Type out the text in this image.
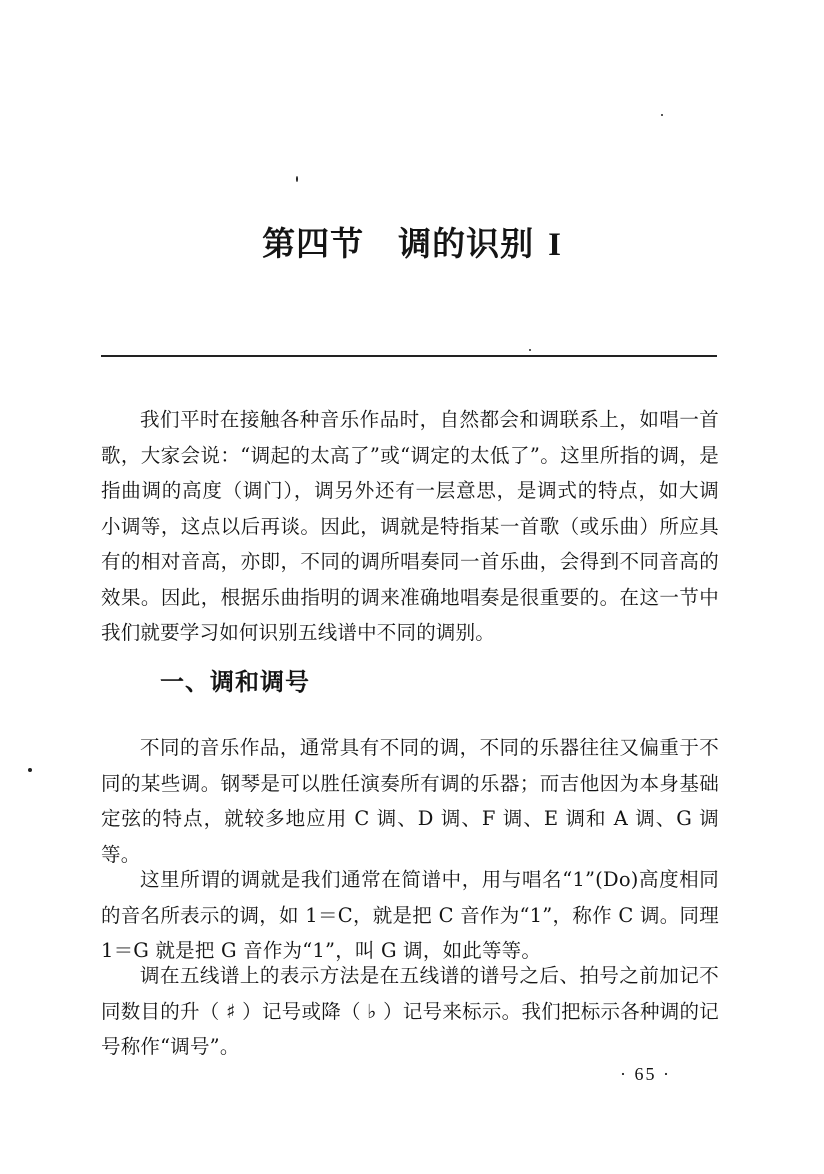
第四节 调的识别 I

我们平时在接触各种音乐作品时，自然都会和调联系上，如唱一首歌，大家会说：“调起的太高了”或“调定的太低了”。这里所指的调，是指曲调的高度（调门），调另外还有一层意思，是调式的特点，如大调小调等，这点以后再谈。因此，调就是特指某一首歌（或乐曲）所应具有的相对音高，亦即，不同的调所唱奏同一首乐曲，会得到不同音高的效果。因此，根据乐曲指明的调来准确地唱奏是很重要的。在这一节中我们就要学习如何识别五线谱中不同的调别。

一、调和调号

不同的音乐作品，通常具有不同的调，不同的乐器往往又偏重于不同的某些调。钢琴是可以胜任演奏所有调的乐器；而吉他因为本身基础定弦的特点，就较多地应用 C 调、D 调、F 调、E 调和 A 调、G 调等。

这里所谓的调就是我们通常在简谱中，用与唱名“1”(Do)高度相同的音名所表示的调，如 1＝C，就是把 C 音作为“1”，称作 C 调。同理 1＝G 就是把 G 音作为“1”，叫 G 调，如此等等。

调在五线谱上的表示方法是在五线谱的谱号之后、拍号之前加记不同数目的升（ ♯ ）记号或降（ ♭ ）记号来标示。我们把标示各种调的记号称作“调号”。

· 65 ·
